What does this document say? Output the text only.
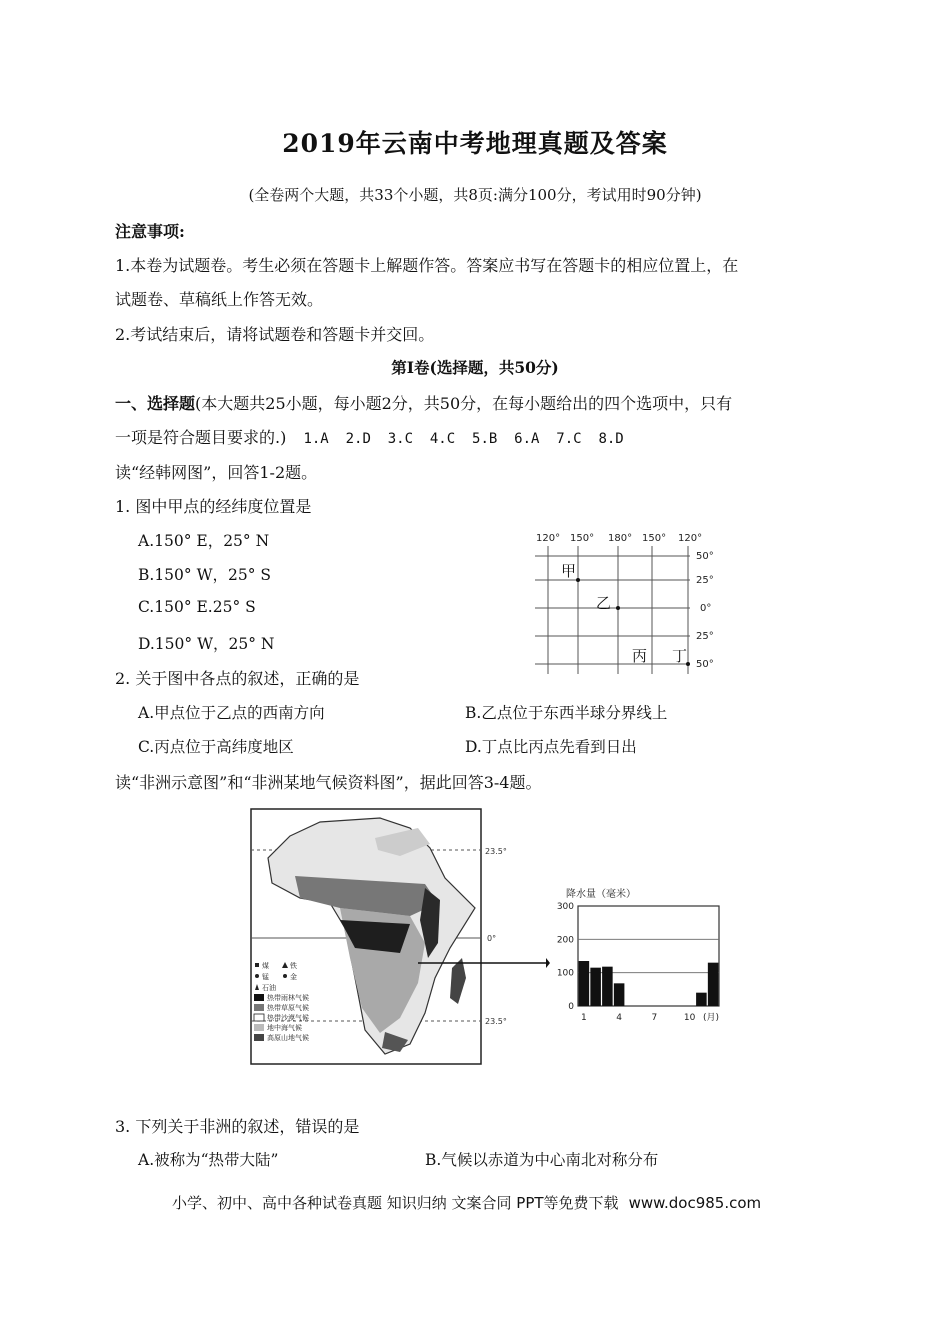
2019年云南中考地理真题及答案
(全卷两个大题，共33个小题，共8页:满分100分，考试用时90分钟)
注意事项:
1.本卷为试题卷。考生必须在答题卡上解题作答。答案应书写在答题卡的相应位置上，在
试题卷、草稿纸上作答无效。
2.考试结束后，请将试题卷和答题卡并交回。
第I卷(选择题，共50分)
一、选择题(本大题共25小题，每小题2分，共50分，在每小题给出的四个选项中，只有
一项是符合题目要求的.) 1.A  2.D  3.C  4.C  5.B  6.A  7.C  8.D
读“经韩网图”，回答1-2题。
1. 图中甲点的经纬度位置是
A.150° E，25° N
B.150° W，25° S
C.150° E.25° S
D.150° W，25° N
120° 150° 180° 150° 120°
50°
25°
0°
25°
50°
甲
乙
丙 丁
2. 关于图中各点的叙述，正确的是
A.甲点位于乙点的西南方向	B.乙点位于东西半球分界线上
C.丙点位于高纬度地区	D.丁点比丙点先看到日出
读“非洲示意图”和“非洲某地气候资料图”，据此回答3-4题。
23.5°
0°
23.5°
煤	铁
锰	金
石油
热带雨林气候
热带草原气候
热带沙漠气候
地中海气候
高原山地气候
降水量（毫米）
0
100
200
300
1	4	7	10 (月)
3. 下列关于非洲的叙述，错误的是
A.被称为“热带大陆”	B.气候以赤道为中心南北对称分布
小学、初中、高中各种试卷真题 知识归纳 文案合同 PPT等免费下载 www.doc985.com
